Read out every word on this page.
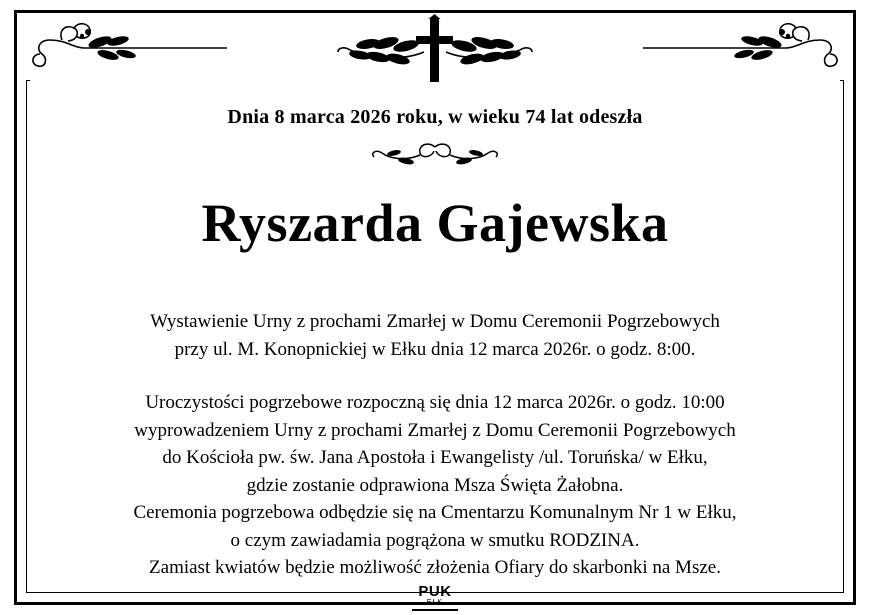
Dnia 8 marca 2026 roku, w wieku 74 lat odeszła
Ryszarda Gajewska
Wystawienie Urny z prochami Zmarłej w Domu Ceremonii Pogrzebowych
przy ul. M. Konopnickiej w Ełku dnia 12 marca 2026r. o godz. 8:00.
Uroczystości pogrzebowe rozpoczną się dnia 12 marca 2026r. o godz. 10:00
wyprowadzeniem Urny z prochami Zmarłej z Domu Ceremonii Pogrzebowych
do Kościoła pw. św. Jana Apostoła i Ewangelisty /ul. Toruńska/ w Ełku,
gdzie zostanie odprawiona Msza Święta Żałobna.
Ceremonia pogrzebowa odbędzie się na Cmentarzu Komunalnym Nr 1 w Ełku,
o czym zawiadamia pogrążona w smutku RODZINA.
Zamiast kwiatów będzie możliwość złożenia Ofiary do skarbonki na Msze.
PUK
EŁK
